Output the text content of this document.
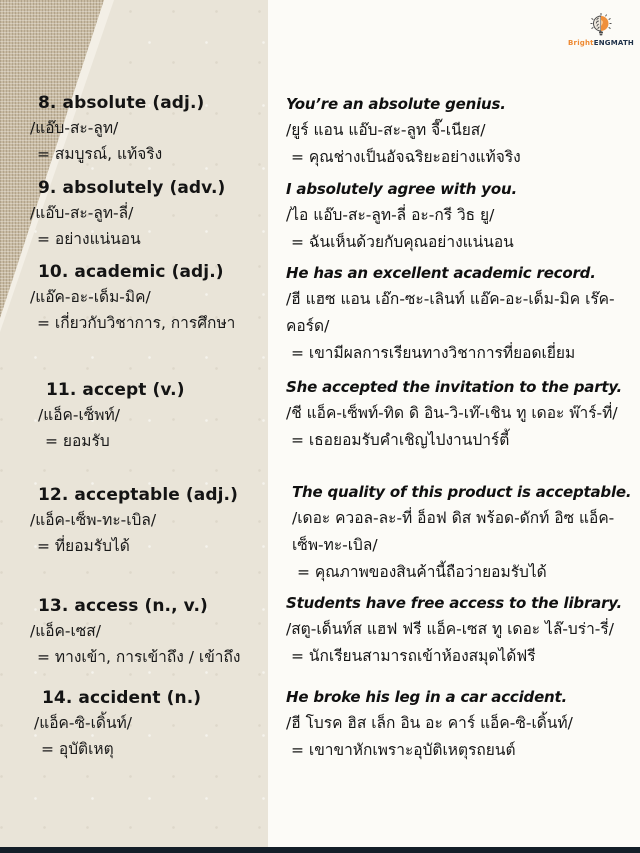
BrightENGMATH
8. absolute (adj.)
/แอ๊บ-สะ-ลูท/
= สมบูรณ์, แท้จริง
You’re an absolute genius.
/ยูร์ แอน แอ๊บ-สะ-ลูท จี๊-เนียส/
= คุณช่างเป็นอัจฉริยะอย่างแท้จริง
9. absolutely (adv.)
/แอ๊บ-สะ-ลูท-ลี่/
= อย่างแน่นอน
I absolutely agree with you.
/ไอ แอ๊บ-สะ-ลูท-ลี่ อะ-กรี วิธ ยู/
= ฉันเห็นด้วยกับคุณอย่างแน่นอน
10. academic (adj.)
/แอ๊ค-อะ-เด็ม-มิค/
= เกี่ยวกับวิชาการ, การศึกษา
He has an excellent academic record.
/ฮี แฮซ แอน เอ๊ก-ซะ-เลินท์ แอ๊ค-อะ-เด็ม-มิค เร๊ค-คอร์ด/
= เขามีผลการเรียนทางวิชาการที่ยอดเยี่ยม
11. accept (v.)
/แอ็ค-เซ็พท์/
= ยอมรับ
She accepted the invitation to the party.
/ชี แอ็ค-เซ็พท์-ทิด ดิ อิน-วิ-เท๊-เชิน ทู เดอะ พ๊าร์-ที่/
= เธอยอมรับคำเชิญไปงานปาร์ตี้
12. acceptable (adj.)
/แอ็ค-เซ็พ-ทะ-เบิล/
= ที่ยอมรับได้
The quality of this product is acceptable.
/เดอะ ควอล-ละ-ที่ อ็อฟ ดิส พร้อด-ดักท์ อิซ แอ็ค-เซ็พ-ทะ-เบิล/
= คุณภาพของสินค้านี้ถือว่ายอมรับได้
13. access (n., v.)
/แอ็ค-เซส/
= ทางเข้า, การเข้าถึง / เข้าถึง
Students have free access to the library.
/สตู-เด็นท์ส แฮฟ ฟรี แอ็ค-เซส ทู เดอะ ไล๊-บร่า-รี่/
= นักเรียนสามารถเข้าห้องสมุดได้ฟรี
14. accident (n.)
/แอ็ค-ซิ-เดิ้นท์/
= อุบัติเหตุ
He broke his leg in a car accident.
/ฮี โบรค ฮิส เล็ก อิน อะ คาร์ แอ็ค-ซิ-เดิ้นท์/
= เขาขาหักเพราะอุบัติเหตุรถยนต์
